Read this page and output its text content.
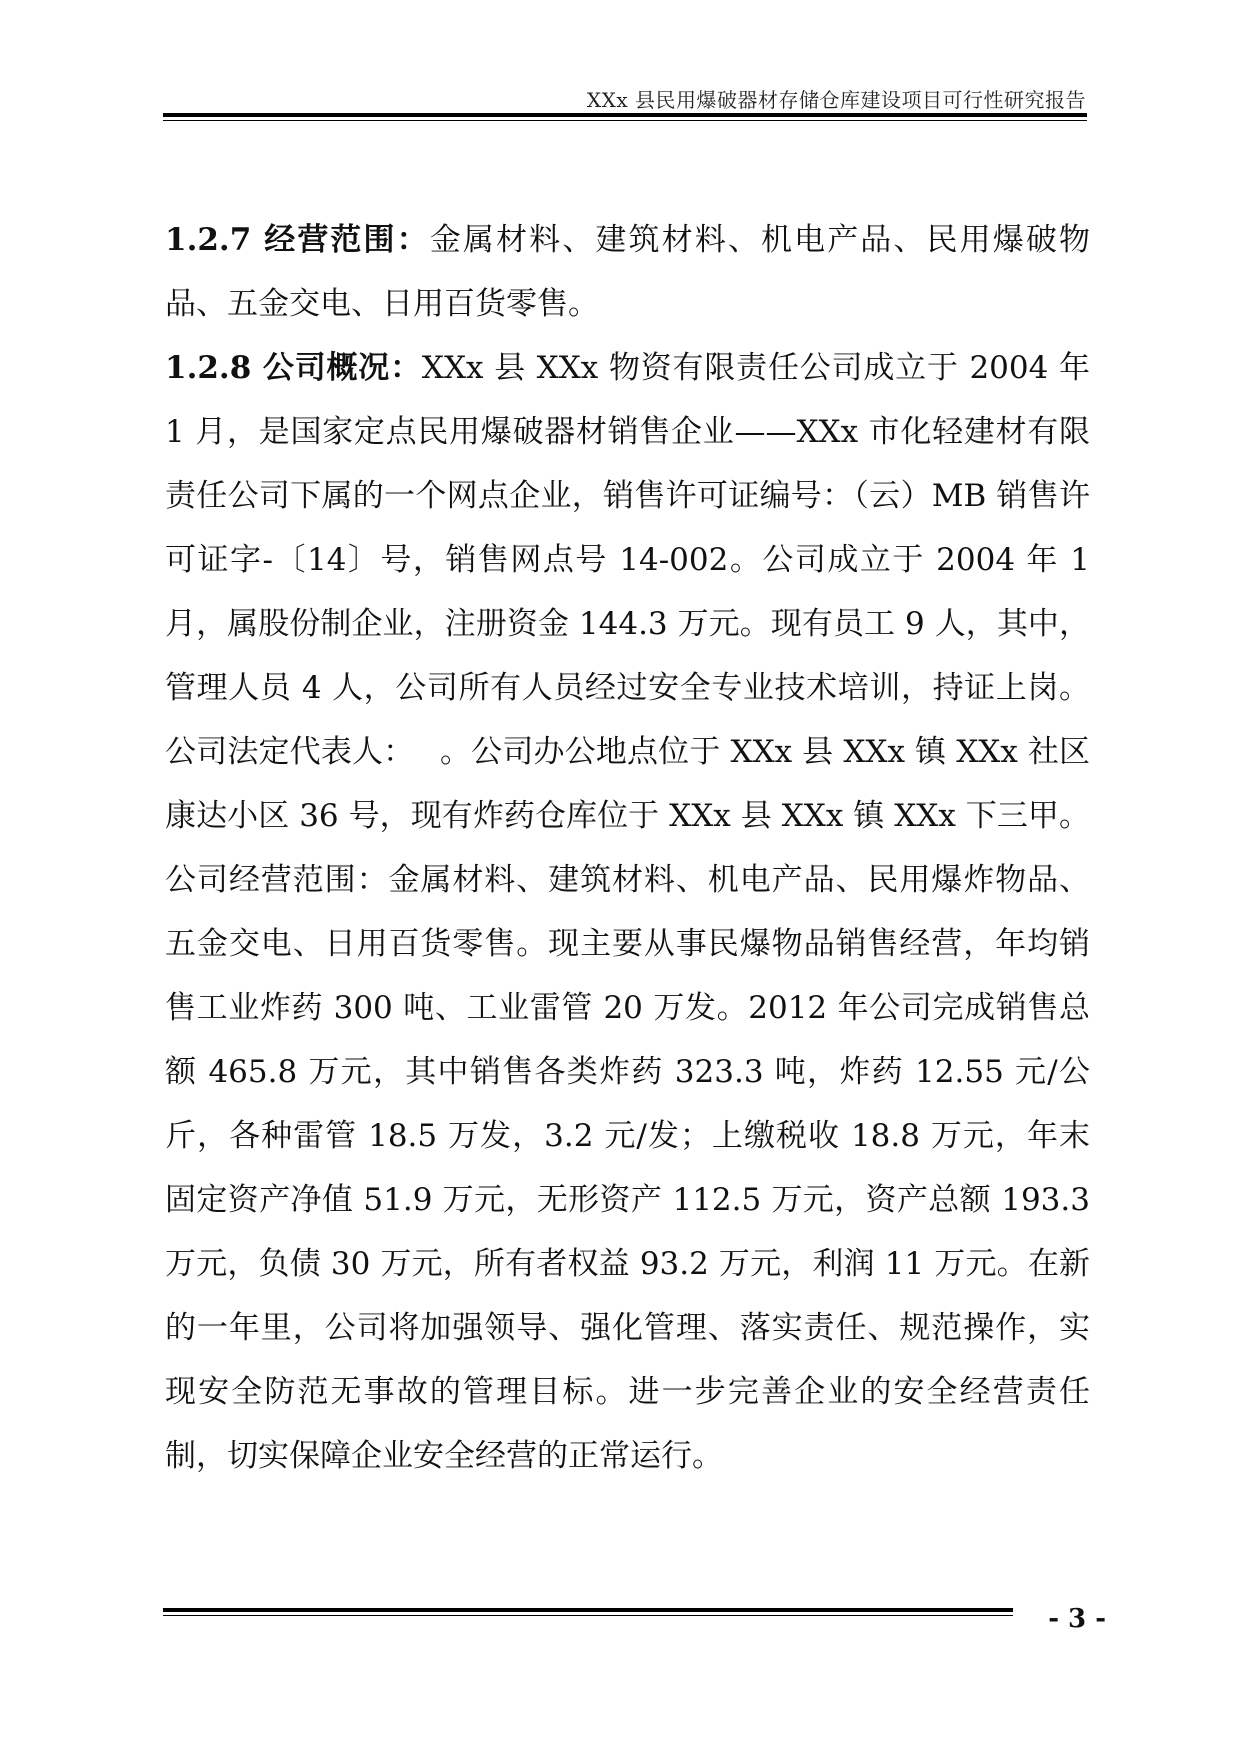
XXx 县民用爆破器材存储仓库建设项目可行性研究报告

1.2.7 经营范围：金属材料、建筑材料、机电产品、民用爆破物品、五金交电、日用百货零售。

1.2.8 公司概况：XXx 县 XXx 物资有限责任公司成立于 2004 年 1 月，是国家定点民用爆破器材销售企业——XXx 市化轻建材有限责任公司下属的一个网点企业，销售许可证编号：（云）MB 销售许可证字-〔14〕号，销售网点号 14-002。公司成立于 2004 年 1 月，属股份制企业，注册资金 144.3 万元。现有员工 9 人，其中，管理人员 4 人，公司所有人员经过安全专业技术培训，持证上岗。公司法定代表人：　 。公司办公地点位于 XXx 县 XXx 镇 XXx 社区康达小区 36 号，现有炸药仓库位于 XXx 县 XXx 镇 XXx 下三甲。公司经营范围：金属材料、建筑材料、机电产品、民用爆炸物品、五金交电、日用百货零售。现主要从事民爆物品销售经营，年均销售工业炸药 300 吨、工业雷管 20 万发。2012 年公司完成销售总额 465.8 万元，其中销售各类炸药 323.3 吨，炸药 12.55 元/公斤，各种雷管 18.5 万发，3.2 元/发；上缴税收 18.8 万元，年末固定资产净值 51.9 万元，无形资产 112.5 万元，资产总额 193.3 万元，负债 30 万元，所有者权益 93.2 万元，利润 11 万元。在新的一年里，公司将加强领导、强化管理、落实责任、规范操作，实现安全防范无事故的管理目标。进一步完善企业的安全经营责任制，切实保障企业安全经营的正常运行。

- 3 -
